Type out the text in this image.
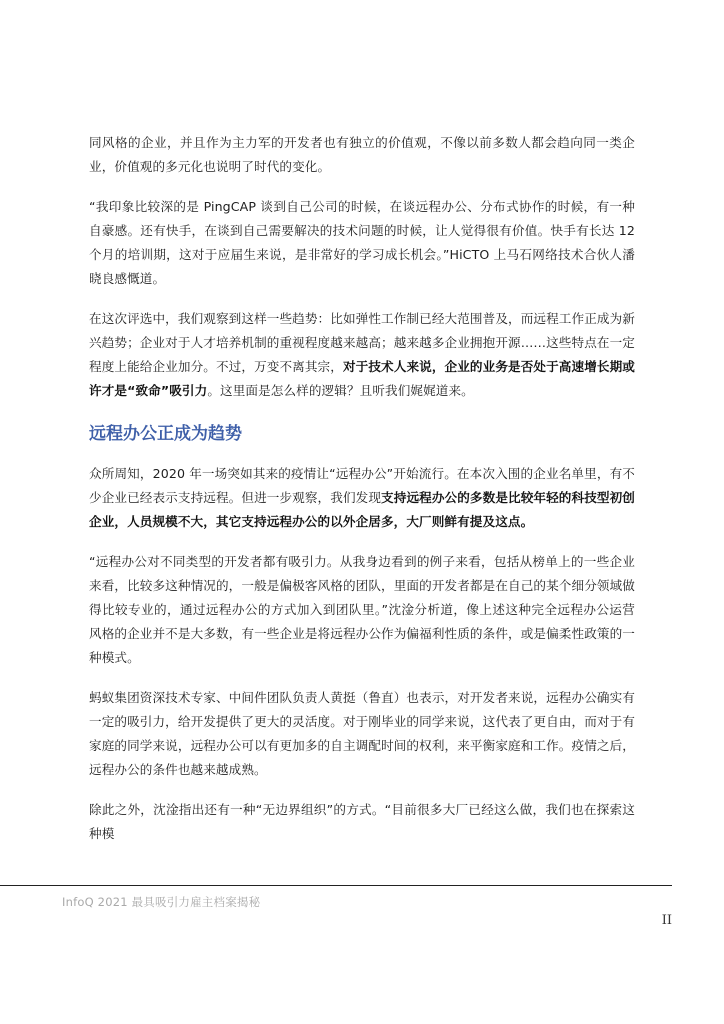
同风格的企业，并且作为主力军的开发者也有独立的价值观，不像以前多数人都会趋向同一类企业，价值观的多元化也说明了时代的变化。

“我印象比较深的是 PingCAP 谈到自己公司的时候，在谈远程办公、分布式协作的时候，有一种自豪感。还有快手，在谈到自己需要解决的技术问题的时候，让人觉得很有价值。快手有长达 12 个月的培训期，这对于应届生来说，是非常好的学习成长机会。”HiCTO 上马石网络技术合伙人潘晓良感慨道。

在这次评选中，我们观察到这样一些趋势：比如弹性工作制已经大范围普及，而远程工作正成为新兴趋势；企业对于人才培养机制的重视程度越来越高；越来越多企业拥抱开源……这些特点在一定程度上能给企业加分。不过，万变不离其宗，对于技术人来说，企业的业务是否处于高速增长期或许才是“致命”吸引力。这里面是怎么样的逻辑？且听我们娓娓道来。

远程办公正成为趋势

众所周知，2020 年一场突如其来的疫情让“远程办公”开始流行。在本次入围的企业名单里，有不少企业已经表示支持远程。但进一步观察，我们发现支持远程办公的多数是比较年轻的科技型初创企业，人员规模不大，其它支持远程办公的以外企居多，大厂则鲜有提及这点。

“远程办公对不同类型的开发者都有吸引力。从我身边看到的例子来看，包括从榜单上的一些企业来看，比较多这种情况的，一般是偏极客风格的团队，里面的开发者都是在自己的某个细分领域做得比较专业的，通过远程办公的方式加入到团队里。”沈淦分析道，像上述这种完全远程办公运营风格的企业并不是大多数，有一些企业是将远程办公作为偏福利性质的条件，或是偏柔性政策的一种模式。

蚂蚁集团资深技术专家、中间件团队负责人黄挺（鲁直）也表示，对开发者来说，远程办公确实有一定的吸引力，给开发提供了更大的灵活度。对于刚毕业的同学来说，这代表了更自由，而对于有家庭的同学来说，远程办公可以有更加多的自主调配时间的权利，来平衡家庭和工作。疫情之后，远程办公的条件也越来越成熟。

除此之外，沈淦指出还有一种“无边界组织”的方式。“目前很多大厂已经这么做，我们也在探索这种模

InfoQ 2021 最具吸引力雇主档案揭秘
II
